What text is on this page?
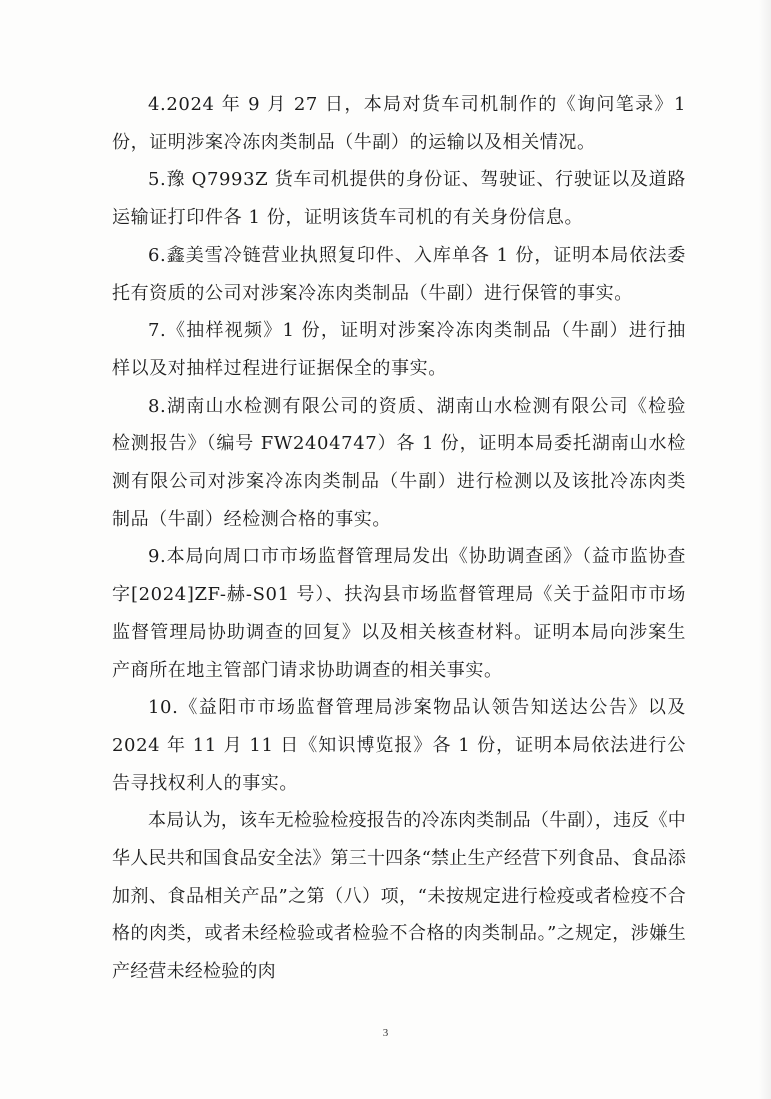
4.2024 年 9 月 27 日，本局对货车司机制作的《询问笔录》1 份，证明涉案冷冻肉类制品（牛副）的运输以及相关情况。

5.豫 Q7993Z 货车司机提供的身份证、驾驶证、行驶证以及道路运输证打印件各 1 份，证明该货车司机的有关身份信息。

6.鑫美雪冷链营业执照复印件、入库单各 1 份，证明本局依法委托有资质的公司对涉案冷冻肉类制品（牛副）进行保管的事实。

7.《抽样视频》1 份，证明对涉案冷冻肉类制品（牛副）进行抽样以及对抽样过程进行证据保全的事实。

8.湖南山水检测有限公司的资质、湖南山水检测有限公司《检验检测报告》（编号 FW2404747）各 1 份，证明本局委托湖南山水检测有限公司对涉案冷冻肉类制品（牛副）进行检测以及该批冷冻肉类制品（牛副）经检测合格的事实。

9.本局向周口市市场监督管理局发出《协助调查函》（益市监协查字[2024]ZF-赫-S01 号）、扶沟县市场监督管理局《关于益阳市市场监督管理局协助调查的回复》以及相关核查材料。证明本局向涉案生产商所在地主管部门请求协助调查的相关事实。

10.《益阳市市场监督管理局涉案物品认领告知送达公告》以及 2024 年 11 月 11 日《知识博览报》各 1 份，证明本局依法进行公告寻找权利人的事实。

本局认为，该车无检验检疫报告的冷冻肉类制品（牛副），违反《中华人民共和国食品安全法》第三十四条“禁止生产经营下列食品、食品添加剂、食品相关产品”之第（八）项，“未按规定进行检疫或者检疫不合格的肉类，或者未经检验或者检验不合格的肉类制品。”之规定，涉嫌生产经营未经检验的肉

3
